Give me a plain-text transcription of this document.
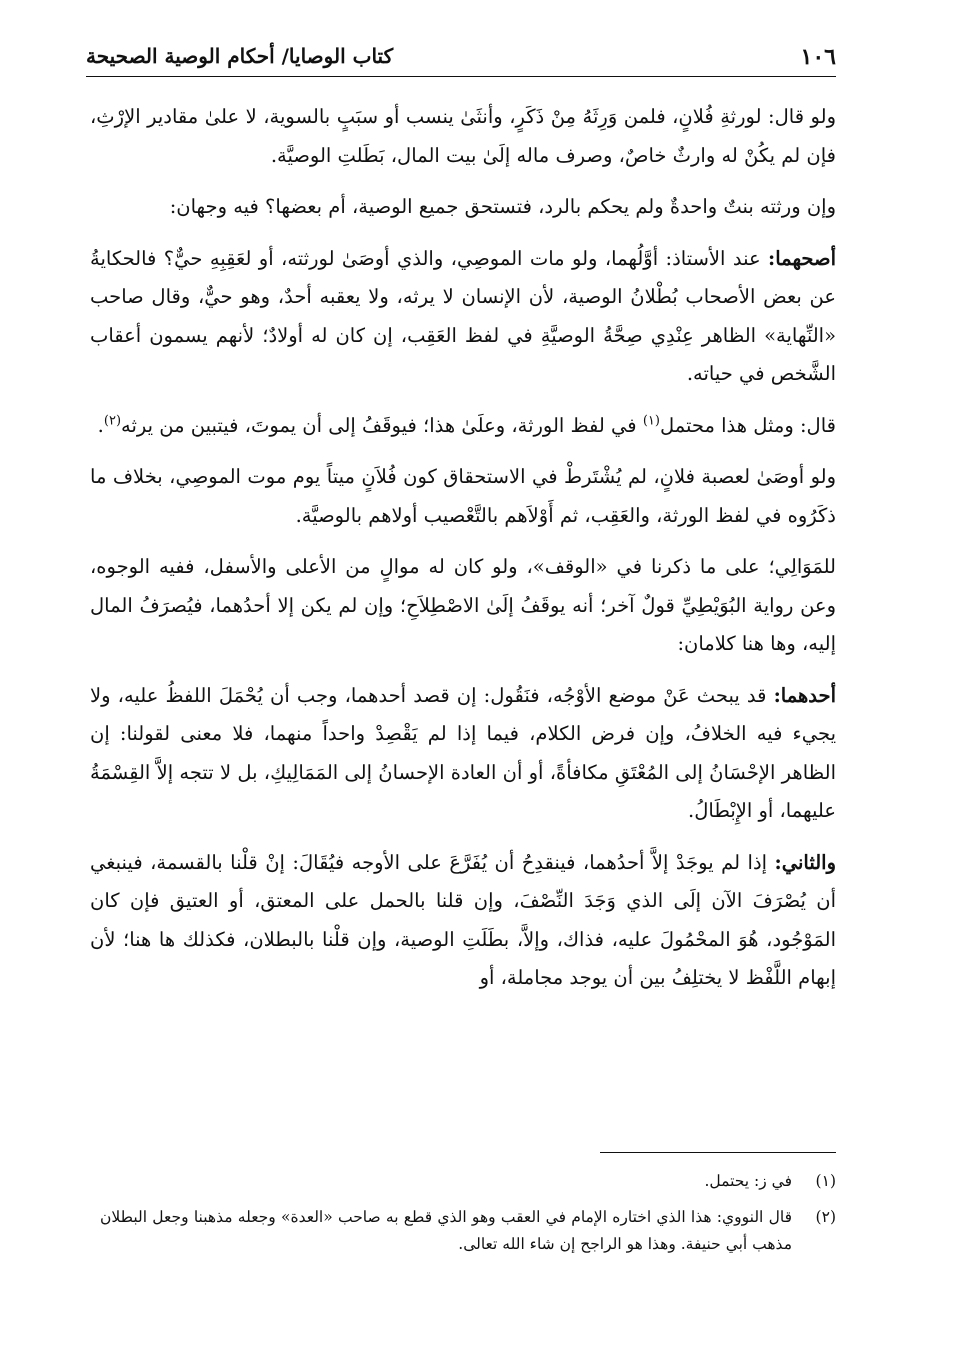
١٠٦
كتاب الوصايا/ أحكام الوصية الصحيحة

ولو قال: لورثةِ فُلانٍ، فلمن وَرِثَهُ مِنْ ذَكَرٍ، وأنثَىٰ ينسب أو سبَبٍ بالسوية، لا علىٰ مقادير الإرْثِ، فإن لم يكُنْ له وارثٌ خاصٌ، وصرف ماله إلَىٰ بيت المال، بَطَلتِ الوصيَّة.

وإن ورثته بنتٌ واحدةٌ ولم يحكم بالرد، فتستحق جميع الوصية، أم بعضها؟ فيه وجهان:

أصحهما: عند الأستاذ: أوَّلُهما، ولو مات الموصِي، والذي أوصَىٰ لورثته، أو لعَقِبِهِ حيٌّ؟ فالحكايةُ عن بعض الأصحاب بُطْلانُ الوصية، لأن الإنسان لا يرثه، ولا يعقبه أحدٌ، وهو حيٌّ، وقال صاحب «النِّهاية» الظاهر عِنْدِي صِحَّةُ الوصيَّةِ في لفظ العَقِب، إن كان له أولادٌ؛ لأنهم يسمون أعقاب الشَّخص في حياته.

قال: ومثل هذا محتمل$^{(١)}$ في لفظ الورثة، وعلَىٰ هذا؛ فيوقَفُ إلى أن يموتَ، فيتبين من يرثه$^{(٢)}$.

ولو أوصَىٰ لعصبة فلانٍ، لم يُشْتَرطْ في الاستحقاق كون فُلاَنٍ ميتاً يوم موت الموصِي، بخلاف ما ذكَرُوه في لفظ الورثة، والعَقِب، ثم أَوْلاَهم بالتَّعْصيب أولاهم بالوصيَّة.

للمَوَالِي؛ على ما ذكرنا في «الوقف»، ولو كان له موالٍ من الأعلى والأسفل، ففيه الوجوه، وعن رواية البُوَيْطِيِّ قولٌ آخر؛ أنه يوقَفُ إلَىٰ الاصْطِلاَحِ؛ وإن لم يكن إلا أحدُهما، فيُصرَفُ المال إليه، وها هنا كلامان:

أحدهما: قد يبحث عَنْ موضع الأوْجُه، فنَقُول: إن قصد أحدهما، وجب أن يُحْمَلَ اللفظُ عليه، ولا يجيء فيه الخلافُ، وإن فرض الكلام، فيما إذا لم يَقْصِدْ واحداً منهما، فلا معنى لقولنا: إن الظاهر الإحْسَانُ إلى المُعْتَقِ مكافأةً، أو أن العادة الإحسانُ إلى المَمَالِيكِ، بل لا تتجه إلاَّ القِسْمَةُ عليهما، أو الإِبْطَالُ.

والثاني: إذا لم يوجَدْ إلاَّ أحدُهما، فينقدِحُ أن يُفَرَّعَ على الأوجه فيُقَالَ: إنْ قلْنا بالقسمة، فينبغي أن يُصْرَفَ الآن إلَى الذي وَجَدَ النِّصْفَ، وإن قلنا بالحمل على المعتق، أو العتيق فإن كان المَوْجُود، هُوَ المحْمُولَ عليه، فذاك، وإلاَّ، بطَلَتِ الوصية، وإن قلْنا بالبطلان، فكذلك ها هنا؛ لأن إبهام اللَّفْظ لا يختلِفُ بين أن يوجد مجاملة، أو

(١)
في ز: يحتمل.
(٢)
قال النووي: هذا الذي اختاره الإمام في العقب وهو الذي قطع به صاحب «العدة» وجعله مذهبنا وجعل البطلان مذهب أبي حنيفة. وهذا هو الراجح إن شاء الله تعالى.
